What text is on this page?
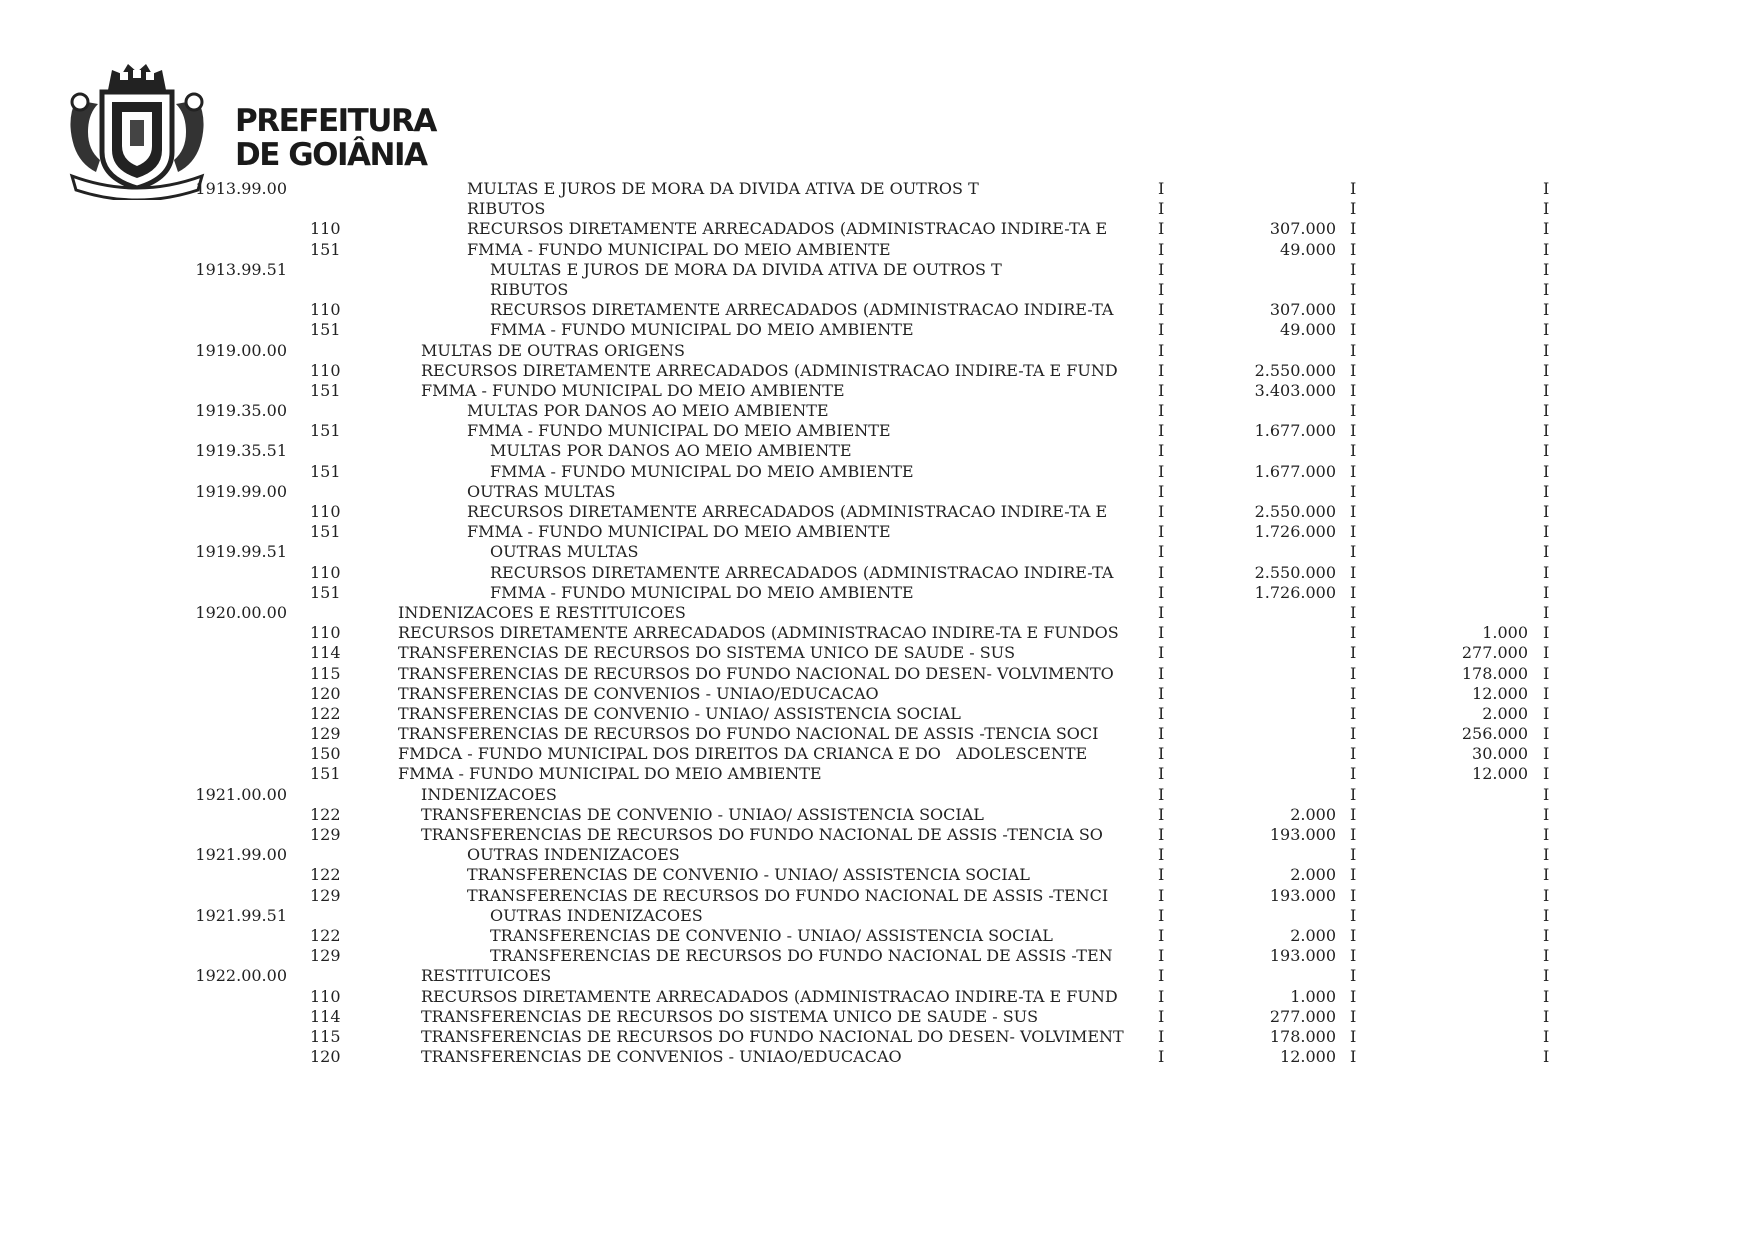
PREFEITURA
DE GOIÂNIA
1913.99.00	MULTAS E JUROS DE MORA DA DIVIDA ATIVA DE OUTROS T	I	I	I
RIBUTOS	I	I	I
110	RECURSOS DIRETAMENTE ARRECADADOS (ADMINISTRACAO INDIRE-TA E	I	307.000 I	I
151	FMMA - FUNDO MUNICIPAL DO MEIO AMBIENTE	I	49.000 I	I
1913.99.51	MULTAS E JUROS DE MORA DA DIVIDA ATIVA DE OUTROS T	I	I	I
RIBUTOS	I	I	I
110	RECURSOS DIRETAMENTE ARRECADADOS (ADMINISTRACAO INDIRE-TA	I	307.000 I	I
151	FMMA - FUNDO MUNICIPAL DO MEIO AMBIENTE	I	49.000 I	I
1919.00.00	MULTAS DE OUTRAS ORIGENS	I	I	I
110	RECURSOS DIRETAMENTE ARRECADADOS (ADMINISTRACAO INDIRE-TA E FUND	I	2.550.000 I	I
151	FMMA - FUNDO MUNICIPAL DO MEIO AMBIENTE	I	3.403.000 I	I
1919.35.00	MULTAS POR DANOS AO MEIO AMBIENTE	I	I	I
151	FMMA - FUNDO MUNICIPAL DO MEIO AMBIENTE	I	1.677.000 I	I
1919.35.51	MULTAS POR DANOS AO MEIO AMBIENTE	I	I	I
151	FMMA - FUNDO MUNICIPAL DO MEIO AMBIENTE	I	1.677.000 I	I
1919.99.00	OUTRAS MULTAS	I	I	I
110	RECURSOS DIRETAMENTE ARRECADADOS (ADMINISTRACAO INDIRE-TA E	I	2.550.000 I	I
151	FMMA - FUNDO MUNICIPAL DO MEIO AMBIENTE	I	1.726.000 I	I
1919.99.51	OUTRAS MULTAS	I	I	I
110	RECURSOS DIRETAMENTE ARRECADADOS (ADMINISTRACAO INDIRE-TA	I	2.550.000 I	I
151	FMMA - FUNDO MUNICIPAL DO MEIO AMBIENTE	I	1.726.000 I	I
1920.00.00	INDENIZACOES E RESTITUICOES	I	I	I
110	RECURSOS DIRETAMENTE ARRECADADOS (ADMINISTRACAO INDIRE-TA E FUNDOS I	I	1.000 I
114	TRANSFERENCIAS DE RECURSOS DO SISTEMA UNICO DE SAUDE - SUS	I	I	277.000 I
115	TRANSFERENCIAS DE RECURSOS DO FUNDO NACIONAL DO DESEN- VOLVIMENTO	I	I	178.000 I
120	TRANSFERENCIAS DE CONVENIOS - UNIAO/EDUCACAO	I	I	12.000 I
122	TRANSFERENCIAS DE CONVENIO - UNIAO/ ASSISTENCIA SOCIAL	I	I	2.000 I
129	TRANSFERENCIAS DE RECURSOS DO FUNDO NACIONAL DE ASSIS -TENCIA SOCI	I	I	256.000 I
150	FMDCA - FUNDO MUNICIPAL DOS DIREITOS DA CRIANCA E DO   ADOLESCENTE	I	I	30.000 I
151	FMMA - FUNDO MUNICIPAL DO MEIO AMBIENTE	I	I	12.000 I
1921.00.00	INDENIZACOES	I	I	I
122	TRANSFERENCIAS DE CONVENIO - UNIAO/ ASSISTENCIA SOCIAL	I	2.000 I	I
129	TRANSFERENCIAS DE RECURSOS DO FUNDO NACIONAL DE ASSIS -TENCIA SO	I	193.000 I	I
1921.99.00	OUTRAS INDENIZACOES	I	I	I
122	TRANSFERENCIAS DE CONVENIO - UNIAO/ ASSISTENCIA SOCIAL	I	2.000 I	I
129	TRANSFERENCIAS DE RECURSOS DO FUNDO NACIONAL DE ASSIS -TENCI	I	193.000 I	I
1921.99.51	OUTRAS INDENIZACOES	I	I	I
122	TRANSFERENCIAS DE CONVENIO - UNIAO/ ASSISTENCIA SOCIAL	I	2.000 I	I
129	TRANSFERENCIAS DE RECURSOS DO FUNDO NACIONAL DE ASSIS -TEN	I	193.000 I	I
1922.00.00	RESTITUICOES	I	I	I
110	RECURSOS DIRETAMENTE ARRECADADOS (ADMINISTRACAO INDIRE-TA E FUND	I	1.000 I	I
114	TRANSFERENCIAS DE RECURSOS DO SISTEMA UNICO DE SAUDE - SUS	I	277.000 I	I
115	TRANSFERENCIAS DE RECURSOS DO FUNDO NACIONAL DO DESEN- VOLVIMENT I	178.000 I	I
120	TRANSFERENCIAS DE CONVENIOS - UNIAO/EDUCACAO	I	12.000 I	I
